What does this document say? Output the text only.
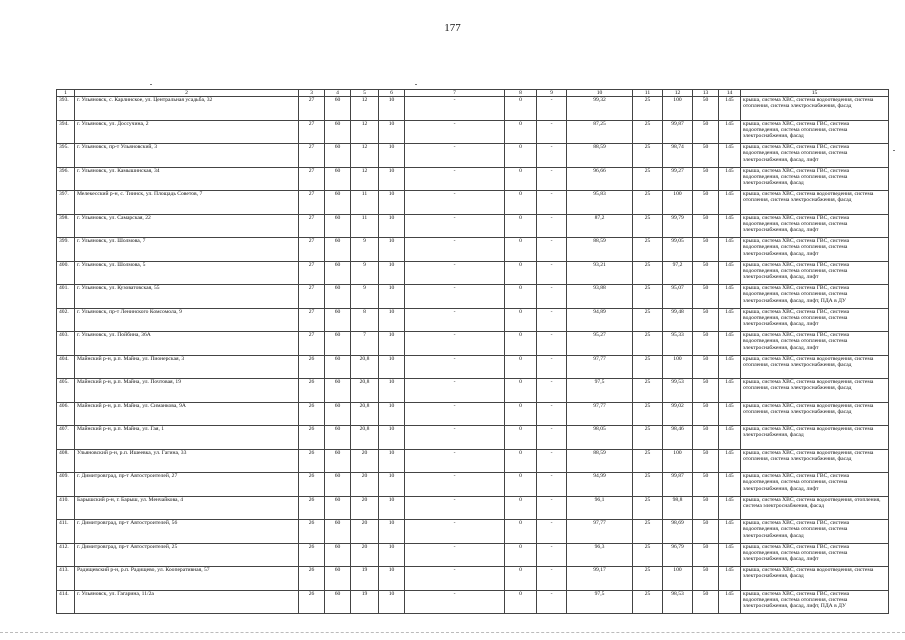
177
1	2	3	4	5	6	7	8	9	10	11	12	13	14	15
393.	г. Ульяновск, с. Карлинское, ул. Центральная усадьба, 32	27	60	12	10	-	0	-	99,32	25	100	50	145	крыша, система ХВС, система водоотведения, система отопления, система электроснабжения, фасад
394.	г. Ульяновск, ул. Доссучина, 2	27	60	12	10	-	0	-	87,25	25	99,87	50	145	крыша, система ХВС, система ГВС, система водоотведения, система отопления, система электроснабжения, фасад
395.	г. Ульяновск, пр-т Ульяновский, 3	27	60	12	10	-	0	-	88,59	25	98,74	50	145	крыша, система ХВС, система ГВС, система водоотведения, система отопления, система электроснабжения, фасад, лифт
396.	г. Ульяновск, ул. Камышинская, 34	27	60	12	10	-	0	-	96,66	25	99,27	50	145	крыша, система ХВС, система ГВС, система водоотведения, система отопления, система электроснабжения, фасад
397.	Мелекесский р-н, с. Тиинск, ул. Площадь Советов, 7	27	60	11	10	-	0	-	95,83	25	100	50	145	крыша, система ХВС, система водоотведения, система отопления, система электроснабжения, фасад
398.	г. Ульяновск, ул. Самарская, 22	27	60	11	10	-	0	-	87,2	25	99,79	50	145	крыша, система ХВС, система ГВС, система водоотведения, система отопления, система электроснабжения, фасад, лифт
399.	г. Ульяновск, ул. Шолмова, 7	27	60	9	10	-	0	-	88,59	25	99,05	50	145	крыша, система ХВС, система ГВС, система водоотведения, система отопления, система электроснабжения, фасад, лифт
400.	г. Ульяновск, ул. Шолмова, 5	27	60	9	10	-	0	-	93,21	25	97,2	50	145	крыша, система ХВС, система ГВС, система водоотведения, система отопления, система электроснабжения, фасад, лифт
401.	г. Ульяновск, ул. Кузоватовская, 55	27	60	9	10	-	0	-	93,88	25	95,07	50	145	крыша, система ХВС, система ГВС, система водоотведения, система отопления, система электроснабжения, фасад, лифт, ПДА в ДУ
402.	г. Ульяновск, пр-т Ленинского Комсомола, 9	27	60	8	10	-	0	-	94,89	25	99,48	50	145	крыша, система ХВС, система ГВС, система водоотведения, система отопления, система электроснабжения, фасад, лифт
403.	г. Ульяновск, ул. Пойбина, 36А	27	60	7	10	-	0	-	95,27	25	95,33	50	145	крыша, система ХВС, система ГВС, система водоотведения, система отопления, система электроснабжения, фасад, лифт
404.	Майнский р-н, р.п. Майна, ул. Пионерская, 3	26	60	20,8	10	-	0	-	97,77	25	100	50	145	крыша, система ХВС, система водоотведения, система отопления, система электроснабжения, фасад
405.	Майнский р-н, р.п. Майна, ул. Почтовая, 19	26	60	20,8	10	-	0	-	97,5	25	99,53	50	145	крыша, система ХВС, система водоотведения, система отопления, система электроснабжения, фасад
406.	Майнский р-н, р.п. Майна, ул. Симанкова, 9А	26	60	20,8	10	-	0	-	97,77	25	99,02	50	145	крыша, система ХВС, система водоотведения, система отопления, система электроснабжения, фасад
407.	Майнский р-н, р.п. Майна, ул. Гая, 1	26	60	20,8	10	-	0	-	98,05	25	98,46	50	145	крыша, система ХВС, система водоотведения, система электроснабжения, фасад
408.	Ульяновский р-н, р.п. Ишеевка, ул. Гагина, 33	26	60	20	10	-	0	-	88,59	25	100	50	145	крыша, система ХВС, система водоотведения, система отопления, система электроснабжения, фасад
409.	г. Димитровград, пр-т Автостроителей, 27	26	60	20	10	-	0	-	94,99	25	99,87	50	145	крыша, система ХВС, система ГВС, система водоотведения, система отопления, система электроснабжения, фасад, лифт
410.	Барышский р-н, г. Барыш, ул. Менчайкова, 4	26	60	20	10	-	0	-	96,1	25	98,8	50	145	крыша, система ХВС, система водоотведения, отопления, система электроснабжения, фасад
411.	г. Димитровград, пр-т Автостроителей, 56	26	60	20	10	-	0	-	97,77	25	98,69	50	145	крыша, система ХВС, система ГВС, система водоотведения, система отопления, система электроснабжения, фасад
412.	г. Димитровград, пр-т Автостроителей, 25	26	60	20	10	-	0	-	96,3	25	96,79	50	145	крыша, система ХВС, система ГВС, система водоотведения, система отопления, система электроснабжения, фасад, лифт
413.	Радищевский р-н, р.п. Радищево, ул. Кооперативная, 57	26	60	19	10	-	0	-	99,17	25	100	50	145	крыша, система ХВС, система водоотведения, система электроснабжения, фасад
414.	г. Ульяновск, ул. Гагарина, 11/2а	26	60	19	10	-	0	-	97,5	25	98,53	50	145	крыша, система ХВС, система ГВС, система водоотведения, система отопления, система электроснабжения, фасад, лифт, ПДА в ДУ
